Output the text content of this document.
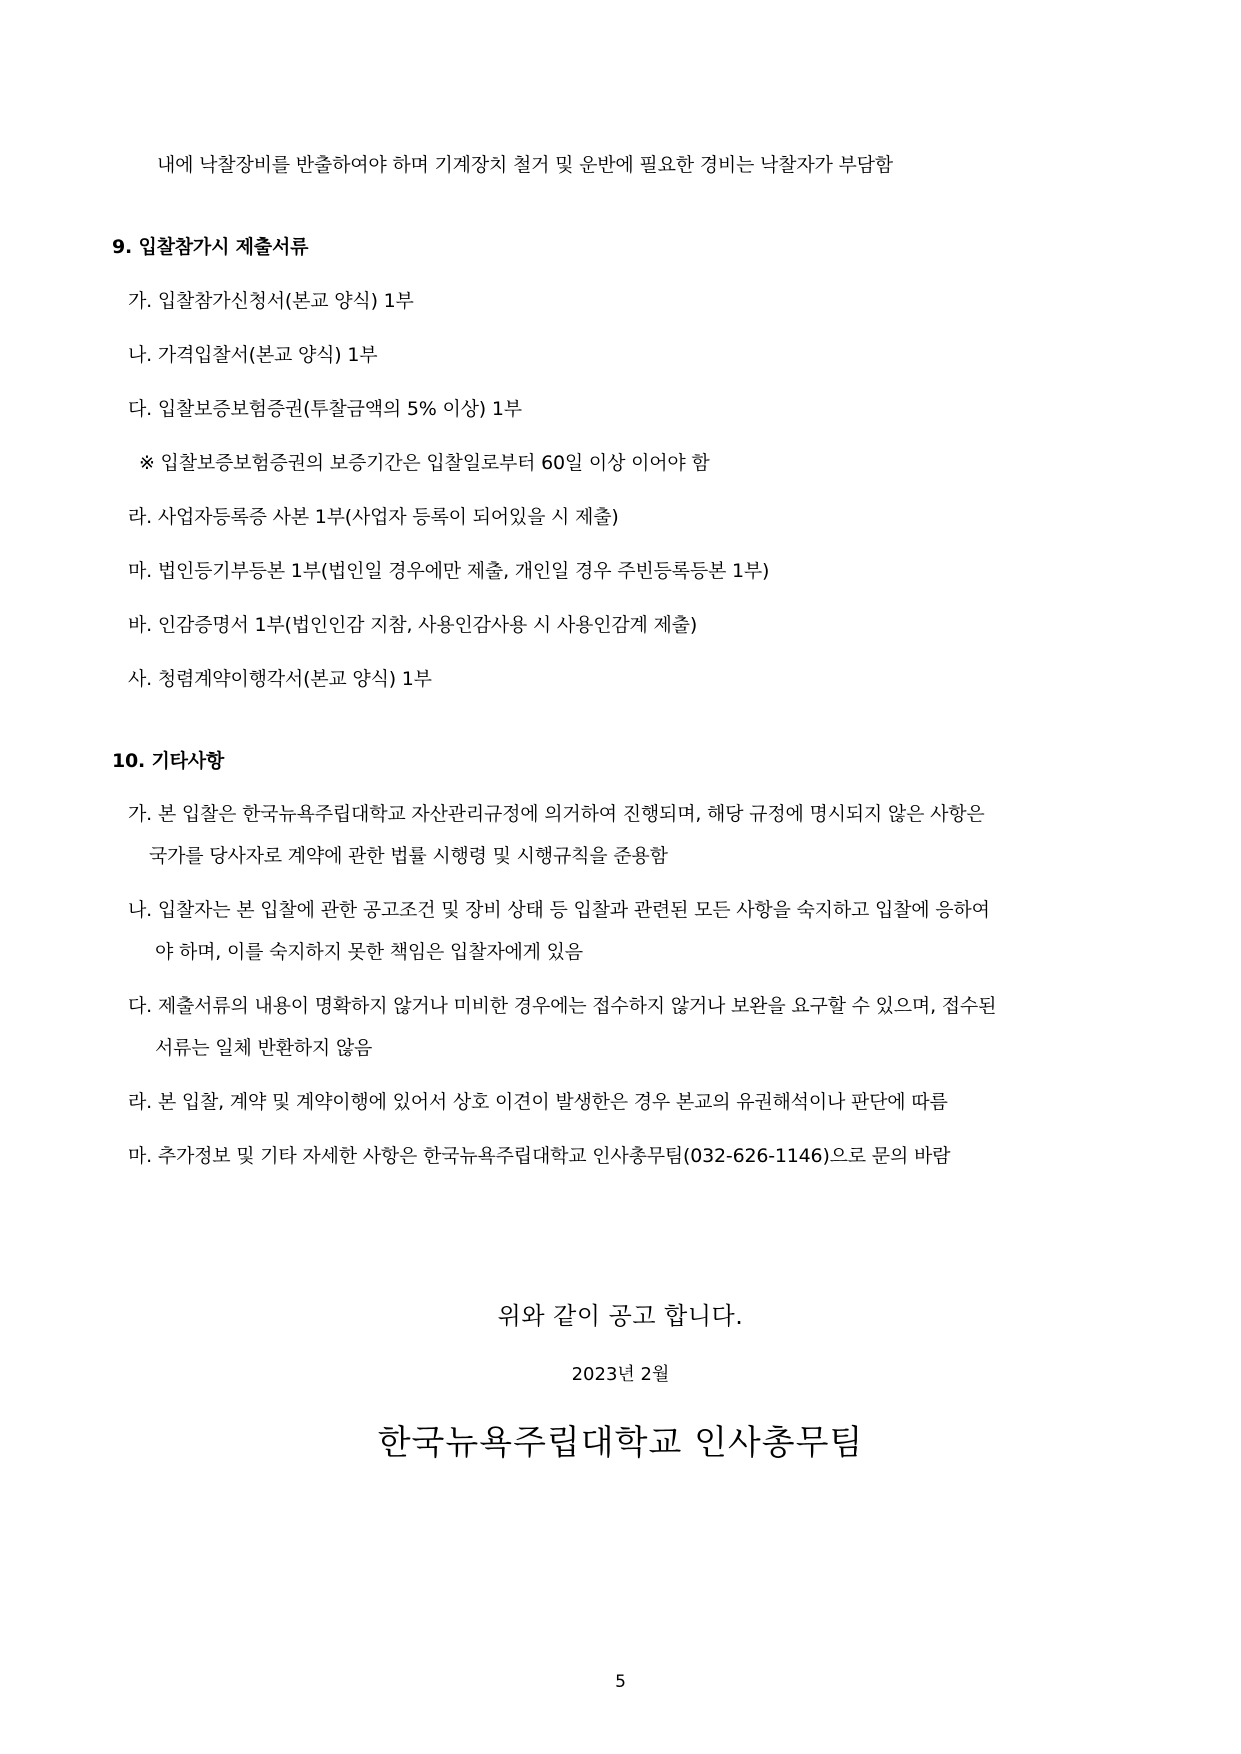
내에 낙찰장비를 반출하여야 하며 기계장치 철거 및 운반에 필요한 경비는 낙찰자가 부담함
9. 입찰참가시 제출서류
가. 입찰참가신청서(본교 양식) 1부
나. 가격입찰서(본교 양식) 1부
다. 입찰보증보험증권(투찰금액의 5% 이상) 1부
※ 입찰보증보험증권의 보증기간은 입찰일로부터 60일 이상 이어야 함
라. 사업자등록증 사본 1부(사업자 등록이 되어있을 시 제출)
마. 법인등기부등본 1부(법인일 경우에만 제출, 개인일 경우 주빈등록등본 1부)
바. 인감증명서 1부(법인인감 지참, 사용인감사용 시 사용인감계 제출)
사. 청렴계약이행각서(본교 양식) 1부
10. 기타사항
가. 본 입찰은 한국뉴욕주립대학교 자산관리규정에 의거하여 진행되며, 해당 규정에 명시되지 않은 사항은
국가를 당사자로 계약에 관한 법률 시행령 및 시행규칙을 준용함
나. 입찰자는 본 입찰에 관한 공고조건 및 장비 상태 등 입찰과 관련된 모든 사항을 숙지하고 입찰에 응하여
야 하며, 이를 숙지하지 못한 책임은 입찰자에게 있음
다. 제출서류의 내용이 명확하지 않거나 미비한 경우에는 접수하지 않거나 보완을 요구할 수 있으며, 접수된
서류는 일체 반환하지 않음
라. 본 입찰, 계약 및 계약이행에 있어서 상호 이견이 발생한은 경우 본교의 유권해석이나 판단에 따름
마. 추가정보 및 기타 자세한 사항은 한국뉴욕주립대학교 인사총무팀(032-626-1146)으로 문의 바람
위와 같이 공고 합니다.
2023년 2월
한국뉴욕주립대학교 인사총무팀
5
